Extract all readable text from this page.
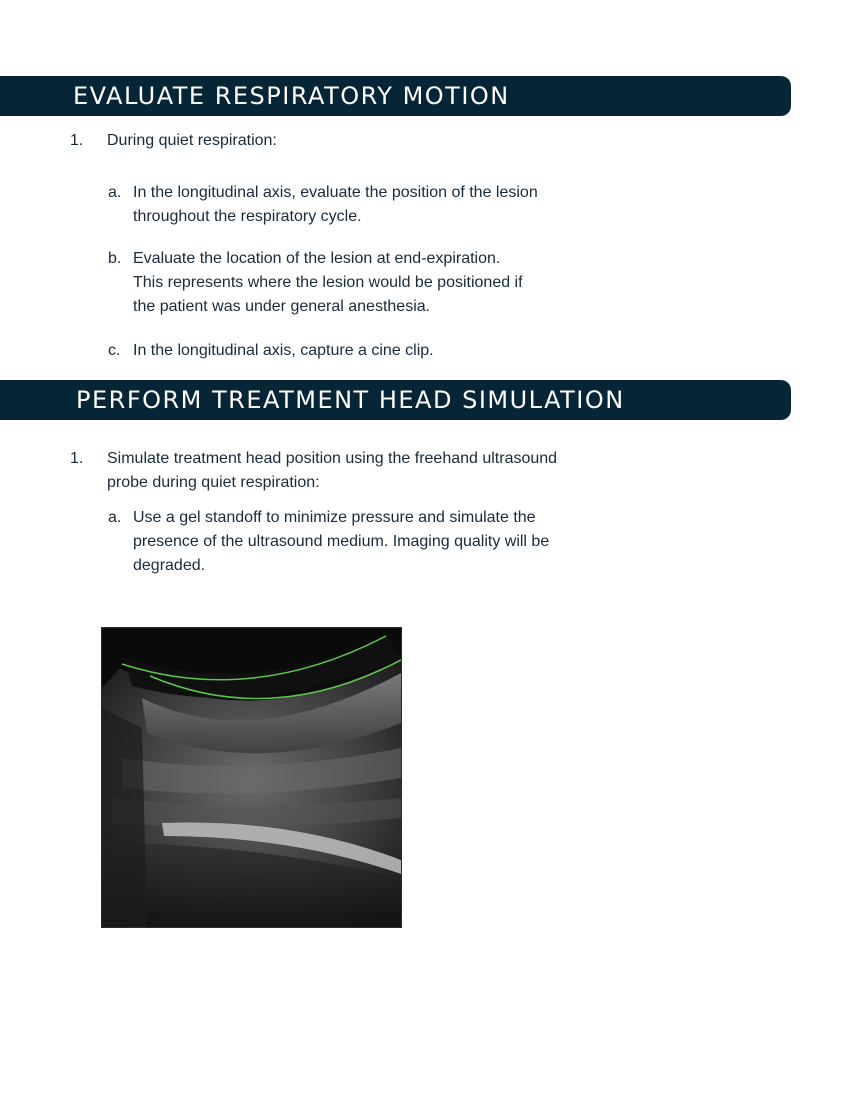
EVALUATE RESPIRATORY MOTION
1. During quiet respiration:
a. In the longitudinal axis, evaluate the position of the lesion
throughout the respiratory cycle.
b. Evaluate the location of the lesion at end-expiration.
This represents where the lesion would be positioned if
the patient was under general anesthesia.
c. In the longitudinal axis, capture a cine clip.
PERFORM TREATMENT HEAD SIMULATION
1. Simulate treatment head position using the freehand ultrasound
probe during quiet respiration:
a. Use a gel standoff to minimize pressure and simulate the
presence of the ultrasound medium. Imaging quality will be
degraded.
